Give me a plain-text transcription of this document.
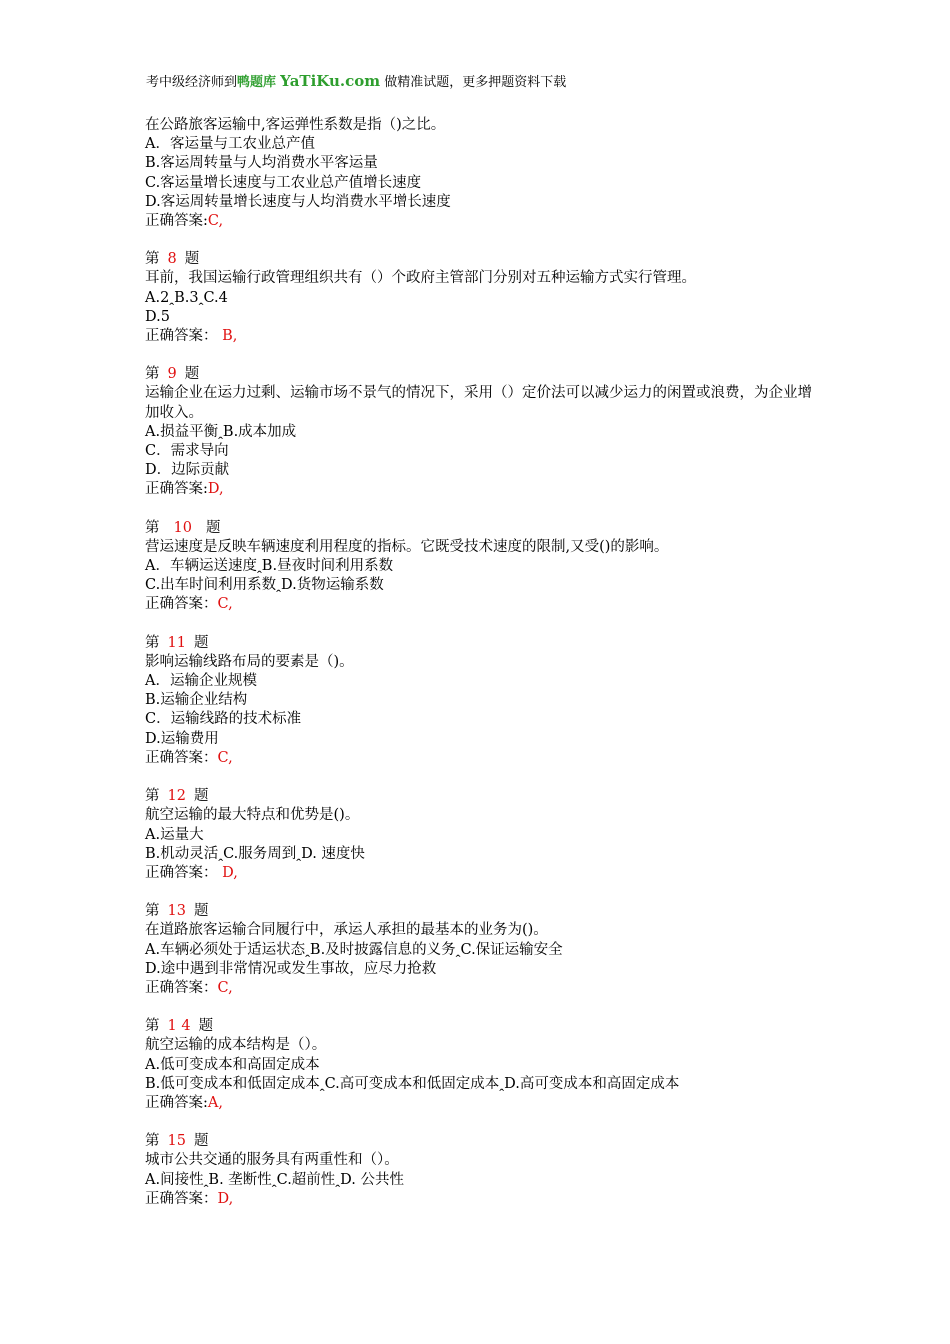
考中级经济师到鸭题库 YaTiKu.com 做精准试题，更多押题资料下载
在公路旅客运输中,客运弹性系数是指（)之比。
A．客运量与工农业总产值
B.客运周转量与人均消费水平客运量
C.客运量增长速度与工农业总产值增长速度
D.客运周转量增长速度与人均消费水平增长速度
正确答案:C,
第 8 题
耳前，我国运输行政管理组织共有（）个政府主管部门分别对五种运输方式实行管理。
A.2ꞈB.3ꞈC.4
D.5
正确答案： B,
第 9 题
运输企业在运力过剩、运输市场不景气的情况下，采用（）定价法可以减少运力的闲置或浪费，为企业增加收入。
A.损益平衡ꞈB.成本加成
C．需求导向
D．边际贡献
正确答案:D,
第 10 题
营运速度是反映车辆速度利用程度的指标。它既受技术速度的限制,又受()的影响。
A．车辆运送速度ꞈB.昼夜时间利用系数
C.出车时间利用系数ꞈD.货物运输系数
正确答案：C,
第 11 题
影响运输线路布局的要素是（)。
A．运输企业规模
B.运输企业结构
C．运输线路的技术标准
D.运输费用
正确答案：C,
第 12 题
航空运输的最大特点和优势是()。
A.运量大
B.机动灵活ꞈC.服务周到ꞈD. 速度快
正确答案： D,
第 13 题
在道路旅客运输合同履行中，承运人承担的最基本的业务为()。
A.车辆必须处于适运状态ꞈB.及时披露信息的义务ꞈC.保证运输安全
D.途中遇到非常情况或发生事故，应尽力抢救
正确答案：C,
第 1 4 题
航空运输的成本结构是（）。
A.低可变成本和高固定成本
B.低可变成本和低固定成本ꞈC.高可变成本和低固定成本ꞈD.高可变成本和高固定成本
正确答案:A,
第 15 题
城市公共交通的服务具有两重性和（）。
A.间接性ꞈB. 垄断性ꞈC.超前性ꞈD. 公共性
正确答案：D,
